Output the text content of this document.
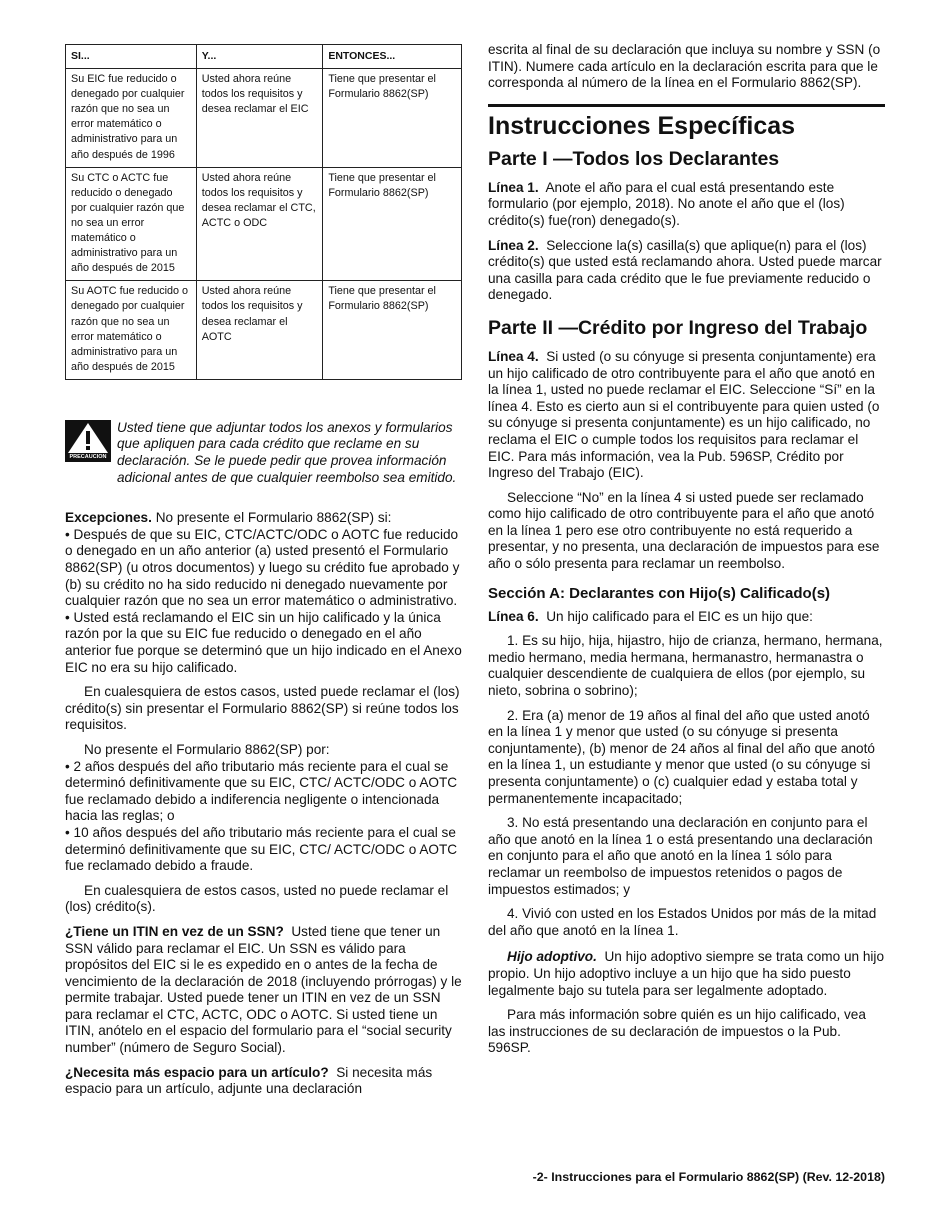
SI...	Y...	ENTONCES...
Su EIC fue reducido o denegado por cualquier razón que no sea un error matemático o administrativo para un año después de 1996	Usted ahora reúne todos los requisitos y desea reclamar el EIC	Tiene que presentar el Formulario 8862(SP)
Su CTC o ACTC fue reducido o denegado por cualquier razón que no sea un error matemático o administrativo para un año después de 2015	Usted ahora reúne todos los requisitos y desea reclamar el CTC, ACTC o ODC	Tiene que presentar el Formulario 8862(SP)
Su AOTC fue reducido o denegado por cualquier razón que no sea un error matemático o administrativo para un año después de 2015	Usted ahora reúne todos los requisitos y desea reclamar el AOTC	Tiene que presentar el Formulario 8862(SP)
PRECAUCION

Usted tiene que adjuntar todos los anexos y formularios que apliquen para cada crédito que reclame en su declaración. Se le puede pedir que provea información adicional antes de que cualquier reembolso sea emitido.

Excepciones. No presente el Formulario 8862(SP) si:

• Después de que su EIC, CTC/ACTC/ODC o AOTC fue reducido o denegado en un año anterior (a) usted presentó el Formulario 8862(SP) (u otros documentos) y luego su crédito fue aprobado y (b) su crédito no ha sido reducido ni denegado nuevamente por cualquier razón que no sea un error matemático o administrativo.

• Usted está reclamando el EIC sin un hijo calificado y la única razón por la que su EIC fue reducido o denegado en el año anterior fue porque se determinó que un hijo indicado en el Anexo EIC no era su hijo calificado.

En cualesquiera de estos casos, usted puede reclamar el (los) crédito(s) sin presentar el Formulario 8862(SP) si reúne todos los requisitos.

No presente el Formulario 8862(SP) por:

• 2 años después del año tributario más reciente para el cual se determinó definitivamente que su EIC, CTC/ ACTC/ODC o AOTC fue reclamado debido a indiferencia negligente o intencionada hacia las reglas; o

• 10 años después del año tributario más reciente para el cual se determinó definitivamente que su EIC, CTC/ ACTC/ODC o AOTC fue reclamado debido a fraude.

En cualesquiera de estos casos, usted no puede reclamar el (los) crédito(s).

¿Tiene un ITIN en vez de un SSN? Usted tiene que tener un SSN válido para reclamar el EIC. Un SSN es válido para propósitos del EIC si le es expedido en o antes de la fecha de vencimiento de la declaración de 2018 (incluyendo prórrogas) y le permite trabajar. Usted puede tener un ITIN en vez de un SSN para reclamar el CTC, ACTC, ODC o AOTC. Si usted tiene un ITIN, anótelo en el espacio del formulario para el “social security number” (número de Seguro Social).

¿Necesita más espacio para un artículo? Si necesita más espacio para un artículo, adjunte una declaración

escrita al final de su declaración que incluya su nombre y SSN (o ITIN). Numere cada artículo en la declaración escrita para que le corresponda al número de la línea en el Formulario 8862(SP).

Instrucciones Específicas
Parte I —Todos los Declarantes

Línea 1. Anote el año para el cual está presentando este formulario (por ejemplo, 2018). No anote el año que el (los) crédito(s) fue(ron) denegado(s).

Línea 2. Seleccione la(s) casilla(s) que aplique(n) para el (los) crédito(s) que usted está reclamando ahora. Usted puede marcar una casilla para cada crédito que le fue previamente reducido o denegado.

Parte II —Crédito por Ingreso del Trabajo

Línea 4. Si usted (o su cónyuge si presenta conjuntamente) era un hijo calificado de otro contribuyente para el año que anotó en la línea 1, usted no puede reclamar el EIC. Seleccione “Sí” en la línea 4. Esto es cierto aun si el contribuyente para quien usted (o su cónyuge si presenta conjuntamente) es un hijo calificado, no reclama el EIC o cumple todos los requisitos para reclamar el EIC. Para más información, vea la Pub. 596SP, Crédito por Ingreso del Trabajo (EIC).

Seleccione “No” en la línea 4 si usted puede ser reclamado como hijo calificado de otro contribuyente para el año que anotó en la línea 1 pero ese otro contribuyente no está requerido a presentar, y no presenta, una declaración de impuestos para ese año o sólo presenta para reclamar un reembolso.

Sección A: Declarantes con Hijo(s) Calificado(s)

Línea 6. Un hijo calificado para el EIC es un hijo que:

1. Es su hijo, hija, hijastro, hijo de crianza, hermano, hermana, medio hermano, media hermana, hermanastro, hermanastra o cualquier descendiente de cualquiera de ellos (por ejemplo, su nieto, sobrina o sobrino);

2. Era (a) menor de 19 años al final del año que usted anotó en la línea 1 y menor que usted (o su cónyuge si presenta conjuntamente), (b) menor de 24 años al final del año que anotó en la línea 1, un estudiante y menor que usted (o su cónyuge si presenta conjuntamente) o (c) cualquier edad y estaba total y permanentemente incapacitado;

3. No está presentando una declaración en conjunto para el año que anotó en la línea 1 o está presentando una declaración en conjunto para el año que anotó en la línea 1 sólo para reclamar un reembolso de impuestos retenidos o pagos de impuestos estimados; y

4. Vivió con usted en los Estados Unidos por más de la mitad del año que anotó en la línea 1.

Hijo adoptivo. Un hijo adoptivo siempre se trata como un hijo propio. Un hijo adoptivo incluye a un hijo que ha sido puesto legalmente bajo su tutela para ser legalmente adoptado.

Para más información sobre quién es un hijo calificado, vea las instrucciones de su declaración de impuestos o la Pub. 596SP.

-2- Instrucciones para el Formulario 8862(SP) (Rev. 12-2018)
